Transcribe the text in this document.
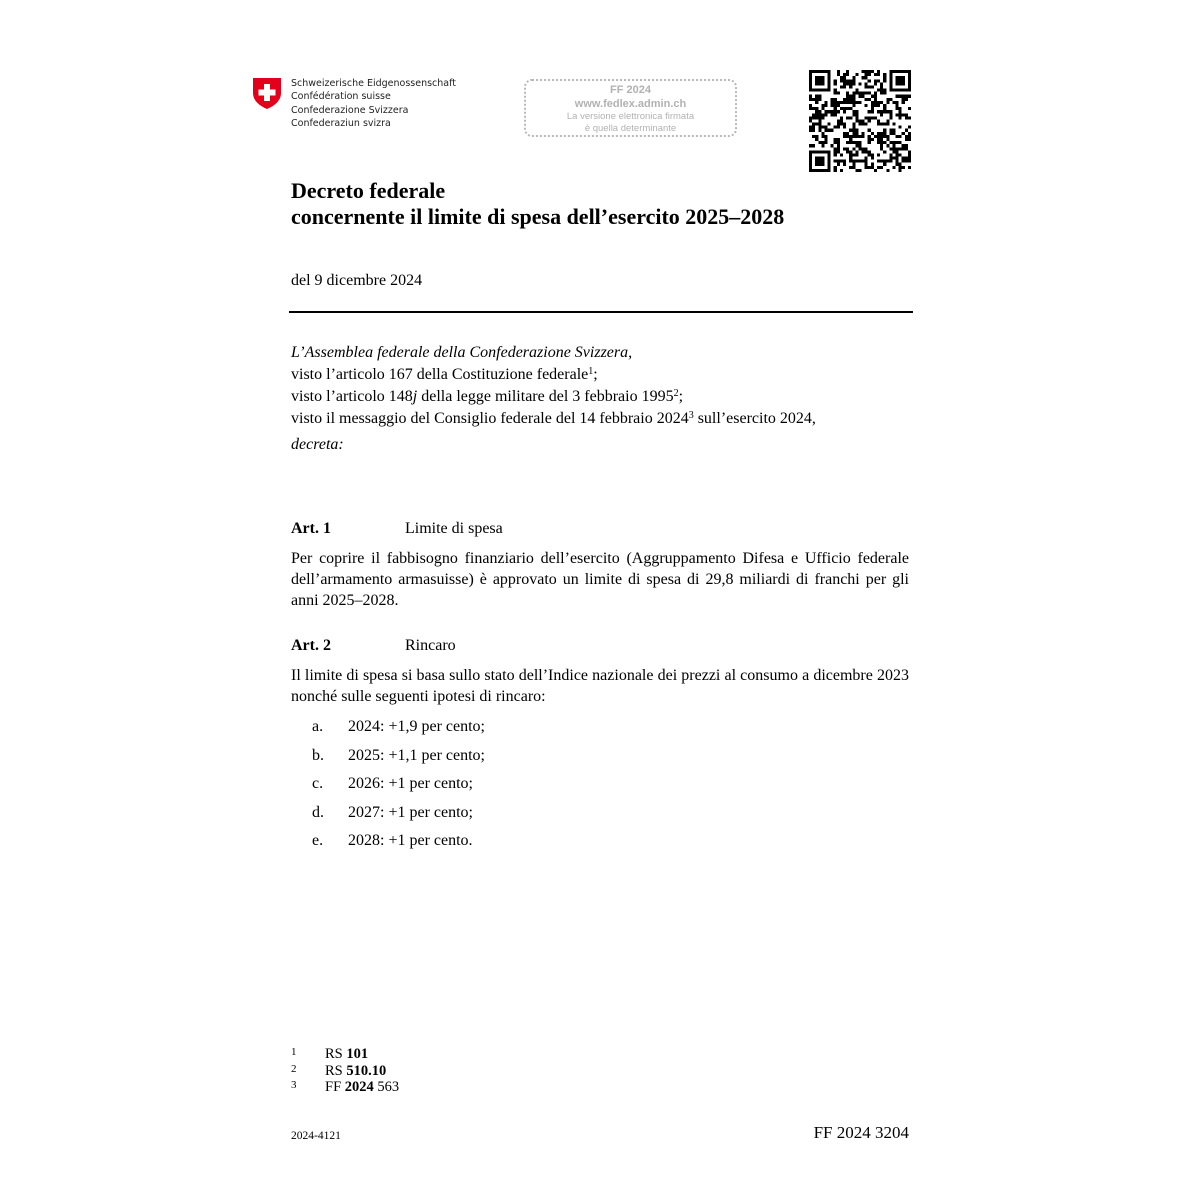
Schweizerische Eidgenossenschaft
Confédération suisse
Confederazione Svizzera
Confederaziun svizra
FF 2024
www.fedlex.admin.ch
La versione elettronica firmata
è quella determinante
Decreto federale
concernente il limite di spesa dell’esercito 2025–2028
del 9 dicembre 2024
L’Assemblea federale della Confederazione Svizzera,
visto l’articolo 167 della Costituzione federale$^1$;
visto l’articolo 148j della legge militare del 3 febbraio 1995$^2$;
visto il messaggio del Consiglio federale del 14 febbraio 2024$^3$ sull’esercito 2024,
decreta:
Art. 1	Limite di spesa
Per coprire il fabbisogno finanziario dell’esercito (Aggruppamento Difesa e Ufficio federale dell’armamento armasuisse) è approvato un limite di spesa di 29,8 miliardi di franchi per gli anni 2025–2028.
Art. 2	Rincaro
Il limite di spesa si basa sullo stato dell’Indice nazionale dei prezzi al consumo a dicembre 2023 nonché sulle seguenti ipotesi di rincaro:
a.	2024: +1,9 per cento;
b.	2025: +1,1 per cento;
c.	2026: +1 per cento;
d.	2027: +1 per cento;
e.	2028: +1 per cento.
1	RS 101
2	RS 510.10
3	FF 2024 563
2024-4121	FF 2024 3204
